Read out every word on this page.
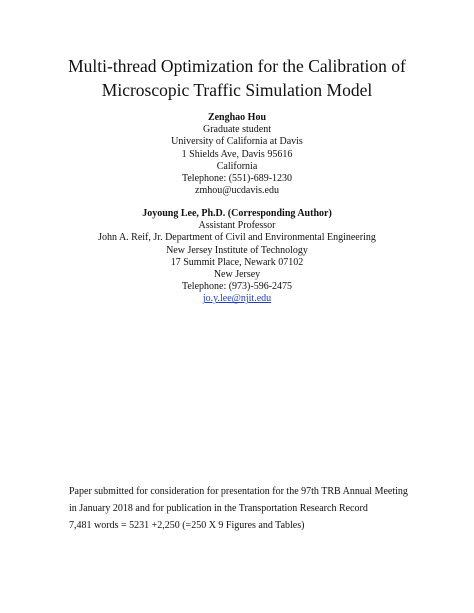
Multi-thread Optimization for the Calibration of
Microscopic Traffic Simulation Model
Zenghao Hou
Graduate student
University of California at Davis
1 Shields Ave, Davis 95616
California
Telephone: (551)-689-1230
zmhou@ucdavis.edu
Joyoung Lee, Ph.D. (Corresponding Author)
Assistant Professor
John A. Reif, Jr. Department of Civil and Environmental Engineering
New Jersey Institute of Technology
17 Summit Place, Newark 07102
New Jersey
Telephone: (973)-596-2475
jo.y.lee@njit.edu
Paper submitted for consideration for presentation for the 97th TRB Annual Meeting in January 2018 and for publication in the Transportation Research Record
7,481 words = 5231 +2,250 (=250 X 9 Figures and Tables)
